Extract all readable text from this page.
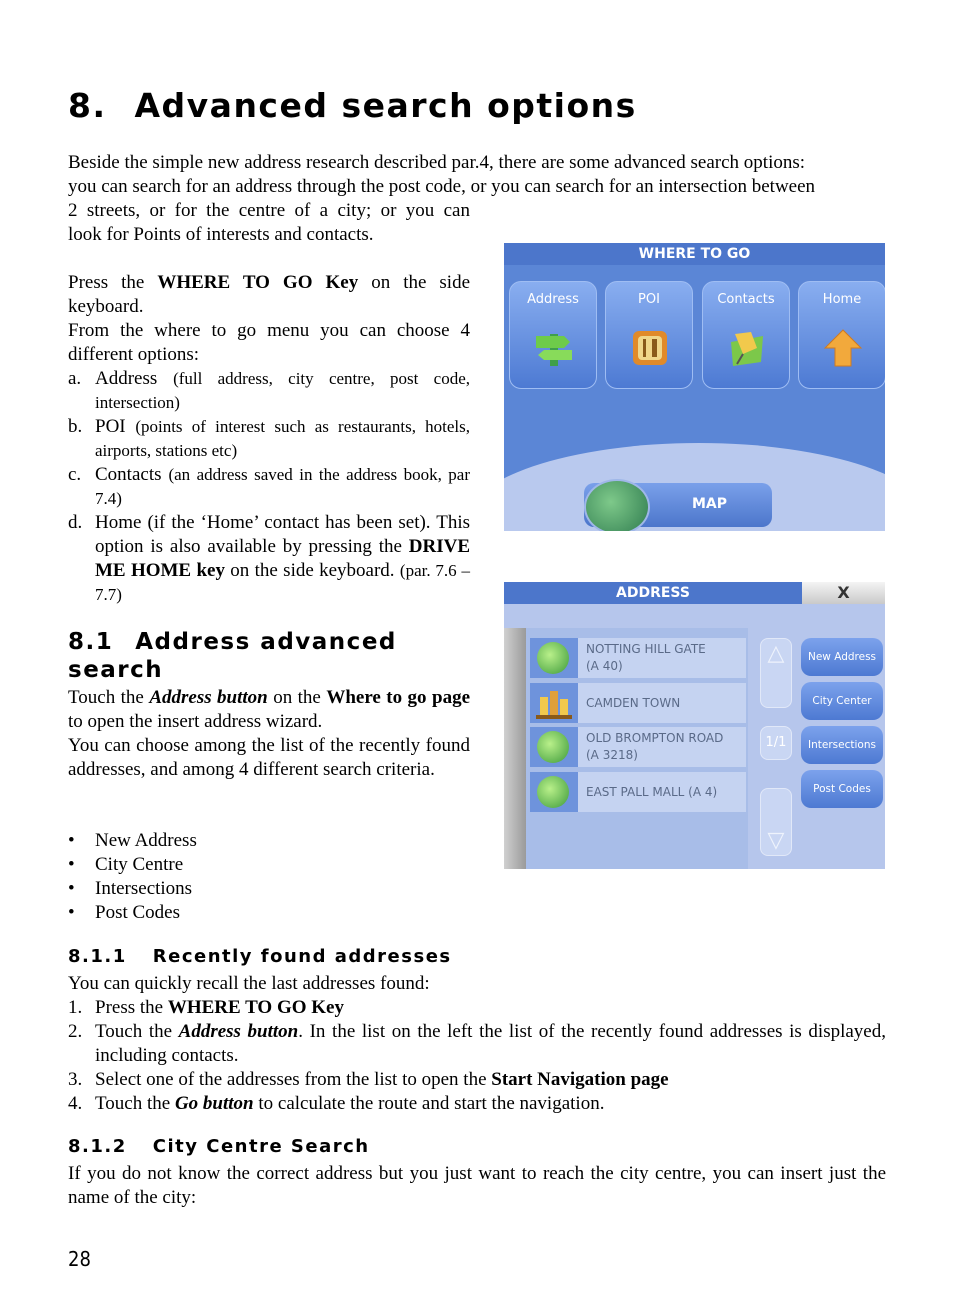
8. Advanced search options
Beside the simple new address research described par.4, there are some advanced search options:
you can search for an address through the post code, or you can search for an intersection between
2 streets, or for the centre of a city; or you can
look for Points of interests and contacts.
Press the WHERE TO GO Key on the side keyboard.
From the where to go menu you can choose 4 different options:
a. Address (full address, city centre, post code, intersection)
b. POI (points of interest such as restaurants, hotels, airports, stations etc)
c. Contacts (an address saved in the address book, par 7.4)
d. Home (if the ‘Home’ contact has been set). This option is also available by pressing the DRIVE ME HOME key on the side keyboard. (par. 7.6 – 7.7)
8.1 Address advanced
search
Touch the Address button on the Where to go page to open the insert address wizard.
You can choose among the list of the recently found addresses, and among 4 different search criteria.
• New Address
• City Centre
• Intersections
• Post Codes
8.1.1 Recently found addresses
You can quickly recall the last addresses found:
1. Press the WHERE TO GO Key
2. Touch the Address button. In the list on the left the list of the recently found addresses is displayed, including contacts.
3. Select one of the addresses from the list to open the Start Navigation page
4. Touch the Go button to calculate the route and start the navigation.
8.1.2 City Centre Search
If you do not know the correct address but you just want to reach the city centre, you can insert just the name of the city:
28
WHERE TO GO
Address	POI	Contacts	Home
MAP
ADDRESS	X
NOTTING HILL GATE
(A 40)
CAMDEN TOWN
OLD BROMPTON ROAD
(A 3218)
EAST PALL MALL (A 4)
△
1/1
▽
New Address
City Center
Intersections
Post Codes
